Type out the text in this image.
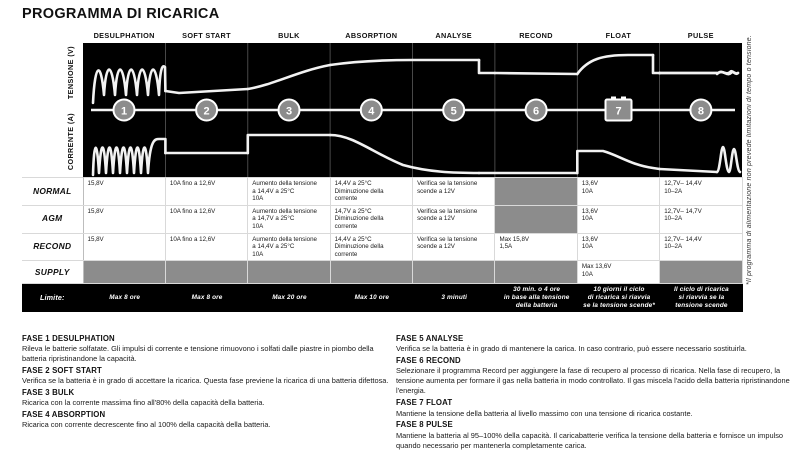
PROGRAMMA DI RICARICA
DESULPHATION	SOFT START	BULK	ABSORPTION	ANALYSE	RECOND	FLOAT	PULSE
TENSIONE (V)
CORRENTE (A)
1	2	3	4	5	6	7	8	*Il programma di alimentazione non prevede limitazioni di tempo o tensione.
NORMAL	15,8V	10A fino a 12,6V	Aumento della tensione
a 14,4V a 25°C
10A	14,4V a 25°C
Diminuzione della
corrente	Verifica se la tensione
scende a 12V		13,6V
10A	12,7V– 14,4V
10–2A

AGM	15,8V	10A fino a 12,6V	Aumento della tensione
a 14,7V a 25°C
10A	14,7V a 25°C
Diminuzione della
corrente	Verifica se la tensione
scende a 12V		13,6V
10A	12,7V– 14,7V
10–2A

RECOND	15,8V	10A fino a 12,6V	Aumento della tensione
a 14,4V a 25°C
10A	14,4V a 25°C
Diminuzione della
corrente	Verifica se la tensione
scende a 12V	Max 15,8V
1,5A	13,6V
10A	12,7V– 14,4V
10–2A

SUPPLY							Max 13,6V
10A	

Limite:	Max 8 ore	Max 8 ore	Max 20 ore	Max 10 ore	3 minuti	30 min. o 4 ore
in base alla tensione
della batteria	10 giorni il ciclo
di ricarica si riavvia
se la tensione scende*	Il ciclo di ricarica
si riavvia se la
tensione scende
FASE 1 DESULPHATION

Rileva le batterie solfatate. Gli impulsi di corrente e tensione rimuovono i solfati dalle piastre in piombo della batteria ripristinandone la capacità.

FASE 2 SOFT START

Verifica se la batteria è in grado di accettare la ricarica. Questa fase previene la ricarica di una batteria difettosa.

FASE 3 BULK

Ricarica con la corrente massima fino all'80% della capacità della batteria.

FASE 4 ABSORPTION

Ricarica con corrente decrescente fino al 100% della capacità della batteria.

FASE 5 ANALYSE

Verifica se la batteria è in grado di mantenere la carica. In caso contrario, può essere necessario sostituirla.

FASE 6 RECOND

Selezionare il programma Record per aggiungere la fase di recupero al processo di ricarica. Nella fase di recupero, la tensione aumenta per formare il gas nella batteria in modo controllato. Il gas miscela l'acido della batteria ripristinandone l'energia.

FASE 7 FLOAT

Mantiene la tensione della batteria al livello massimo con una tensione di ricarica costante.

FASE 8 PULSE

Mantiene la batteria al 95–100% della capacità. Il caricabatterie verifica la tensione della batteria e fornisce un impulso quando necessario per mantenerla completamente carica.
